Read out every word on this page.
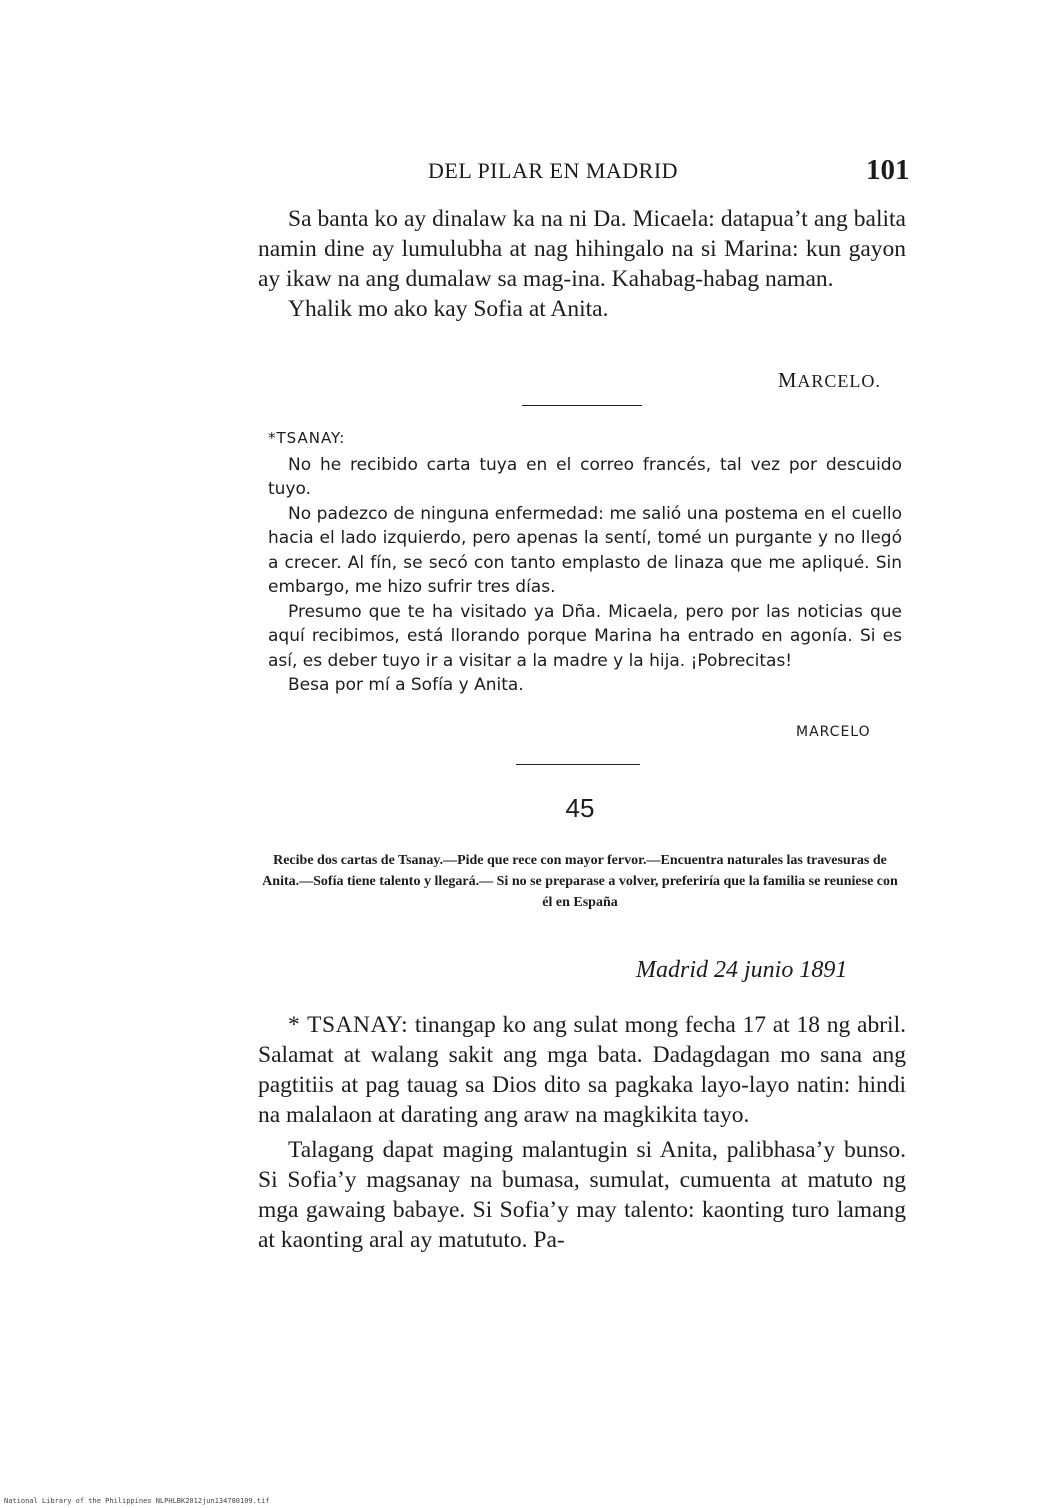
DEL PILAR EN MADRID	101

Sa banta ko ay dinalaw ka na ni Da. Micaela: datapua’t ang balita namin dine ay lumulubha at nag hihingalo na si Marina: kun gayon ay ikaw na ang dumalaw sa mag-ina. Kahabag-habag naman.

Yhalik mo ako kay Sofia at Anita.

MARCELO.

*TSANAY:

No he recibido carta tuya en el correo francés, tal vez por descuido tuyo.

No padezco de ninguna enfermedad: me salió una postema en el cuello hacia el lado izquierdo, pero apenas la sentí, tomé un purgante y no llegó a crecer. Al fín, se secó con tanto emplasto de linaza que me apliqué. Sin embargo, me hizo sufrir tres días.

Presumo que te ha visitado ya Dña. Micaela, pero por las noticias que aquí recibimos, está llorando porque Marina ha entrado en agonía. Si es así, es deber tuyo ir a visitar a la madre y la hija. ¡Pobrecitas!

Besa por mí a Sofía y Anita.

MARCELO
45
Recibe dos cartas de Tsanay.—Pide que rece con mayor fervor.—Encuentra naturales las travesuras de Anita.—Sofía tiene talento y llegará.— Si no se preparase a volver, preferiría que la familia se reuniese con él en España
Madrid 24 junio 1891

* TSANAY: tinangap ko ang sulat mong fecha 17 at 18 ng abril. Salamat at walang sakit ang mga bata. Dadagdagan mo sana ang pagtitiis at pag tauag sa Dios dito sa pagkaka layo-layo natin: hindi na malalaon at darating ang araw na magkikita tayo.

Talagang dapat maging malantugin si Anita, palibhasa’y bunso. Si Sofia’y magsanay na bumasa, sumulat, cumuenta at matuto ng mga gawaing babaye. Si Sofia’y may talento: kaonting turo lamang at kaonting aral ay matututo. Pa-

National Library of the Philippines NLPHLBK2012jun134780109.tif
